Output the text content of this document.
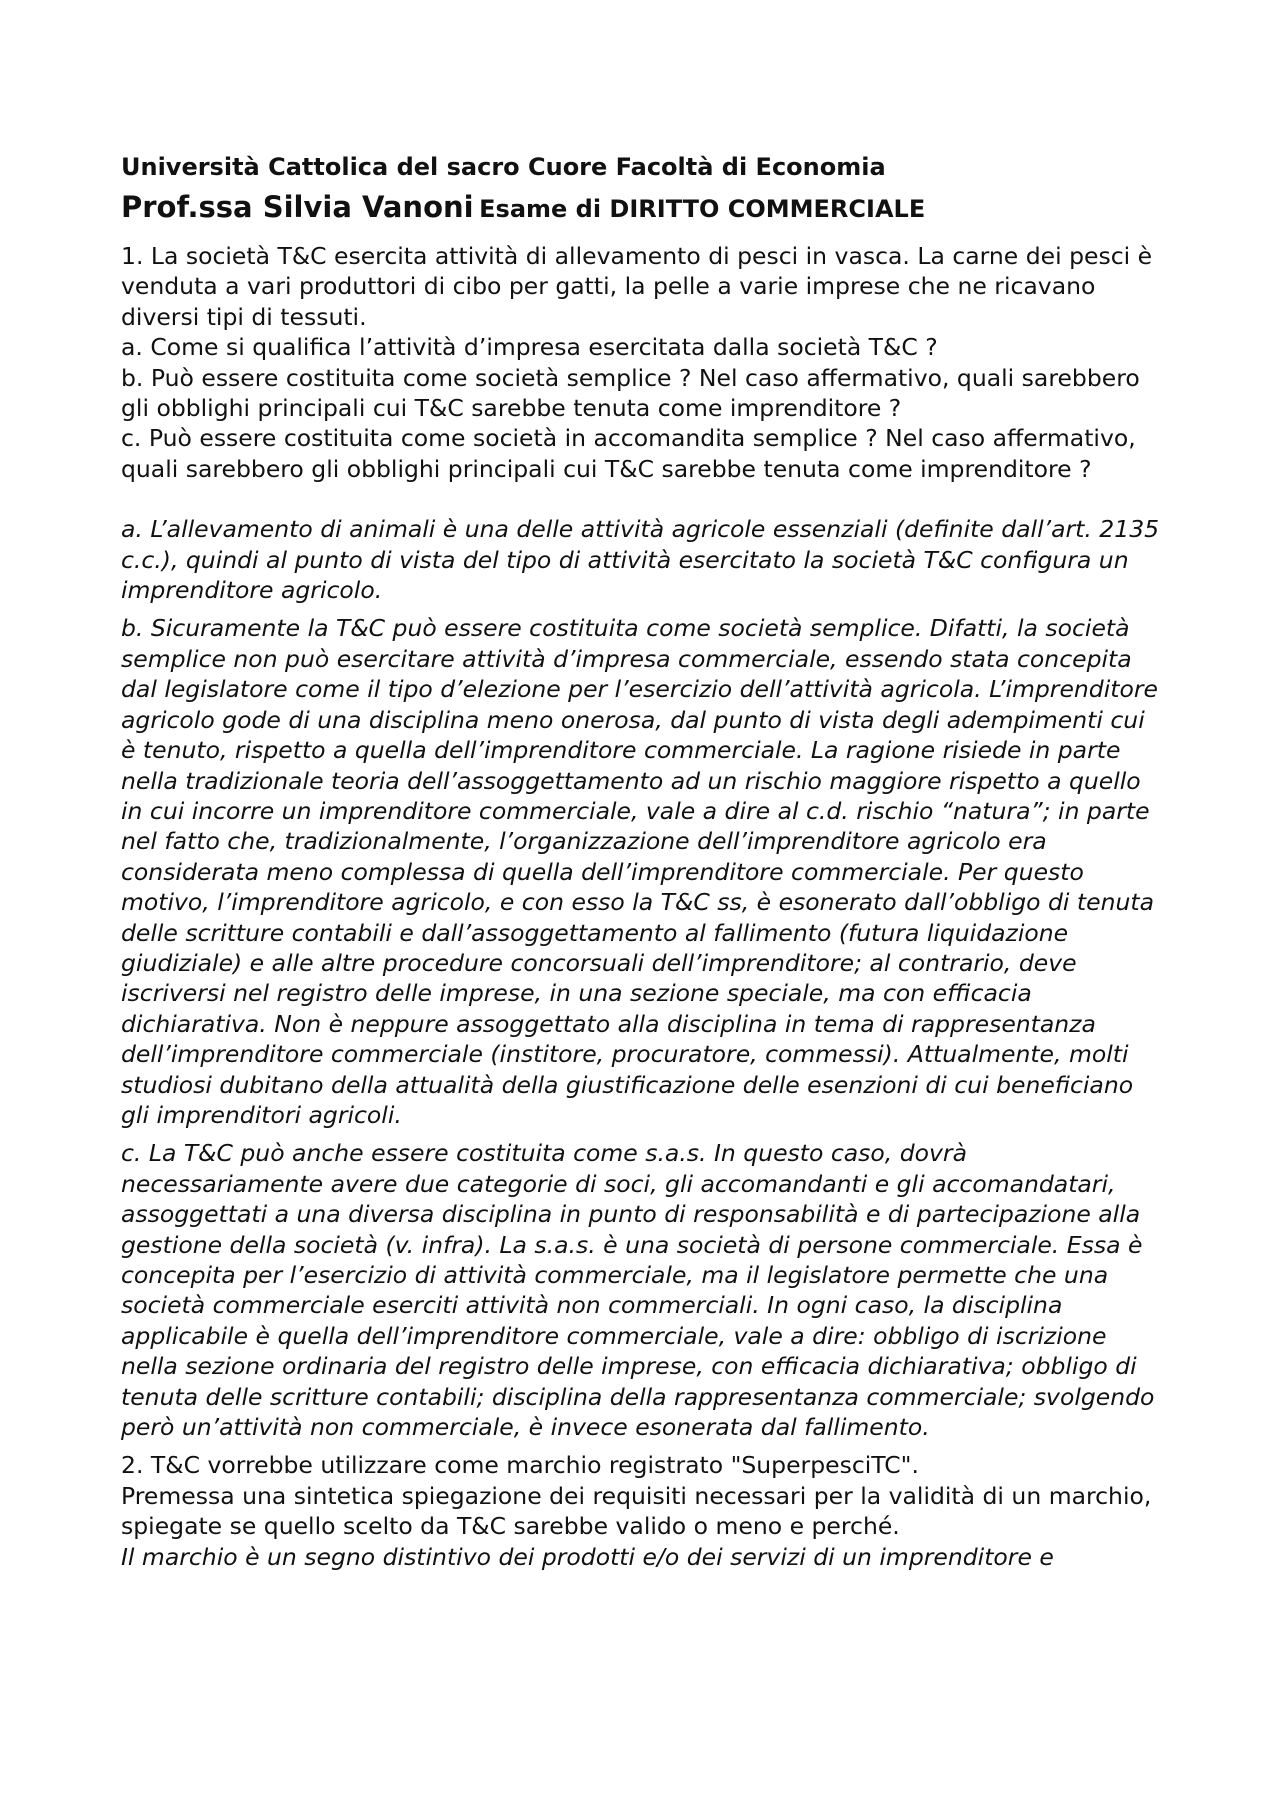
Università Cattolica del sacro Cuore Facoltà di Economia
Prof.ssa Silvia Vanoni Esame di DIRITTO COMMERCIALE

1. La società T&C esercita attività di allevamento di pesci in vasca. La carne dei pesci è venduta a vari produttori di cibo per gatti, la pelle a varie imprese che ne ricavano diversi tipi di tessuti.

a. Come si qualifica l’attività d’impresa esercitata dalla società T&C ?

b. Può essere costituita come società semplice ? Nel caso affermativo, quali sarebbero gli obblighi principali cui T&C sarebbe tenuta come imprenditore ?

c. Può essere costituita come società in accomandita semplice ? Nel caso affermativo, quali sarebbero gli obblighi principali cui T&C sarebbe tenuta come imprenditore ?

a. L’allevamento di animali è una delle attività agricole essenziali (definite dall’art. 2135 c.c.), quindi al punto di vista del tipo di attività esercitato la società T&C configura un imprenditore agricolo.

b. Sicuramente la T&C può essere costituita come società semplice. Difatti, la società semplice non può esercitare attività d’impresa commerciale, essendo stata concepita dal legislatore come il tipo d’elezione per l’esercizio dell’attività agricola. L’imprenditore agricolo gode di una disciplina meno onerosa, dal punto di vista degli adempimenti cui è tenuto, rispetto a quella dell’imprenditore commerciale. La ragione risiede in parte nella tradizionale teoria dell’assoggettamento ad un rischio maggiore rispetto a quello in cui incorre un imprenditore commerciale, vale a dire al c.d. rischio “natura”; in parte nel fatto che, tradizionalmente, l’organizzazione dell’imprenditore agricolo era considerata meno complessa di quella dell’imprenditore commerciale. Per questo motivo, l’imprenditore agricolo, e con esso la T&C ss, è esonerato dall’obbligo di tenuta delle scritture contabili e dall’assoggettamento al fallimento (futura liquidazione giudiziale) e alle altre procedure concorsuali dell’imprenditore; al contrario, deve iscriversi nel registro delle imprese, in una sezione speciale, ma con efficacia dichiarativa. Non è neppure assoggettato alla disciplina in tema di rappresentanza dell’imprenditore commerciale (institore, procuratore, commessi). Attualmente, molti studiosi dubitano della attualità della giustificazione delle esenzioni di cui beneficiano gli imprenditori agricoli.

c. La T&C può anche essere costituita come s.a.s. In questo caso, dovrà necessariamente avere due categorie di soci, gli accomandanti e gli accomandatari, assoggettati a una diversa disciplina in punto di responsabilità e di partecipazione alla gestione della società (v. infra). La s.a.s. è una società di persone commerciale. Essa è concepita per l’esercizio di attività commerciale, ma il legislatore permette che una società commerciale eserciti attività non commerciali. In ogni caso, la disciplina applicabile è quella dell’imprenditore commerciale, vale a dire: obbligo di iscrizione nella sezione ordinaria del registro delle imprese, con efficacia dichiarativa; obbligo di tenuta delle scritture contabili; disciplina della rappresentanza commerciale; svolgendo però un’attività non commerciale, è invece esonerata dal fallimento.

2. T&C vorrebbe utilizzare come marchio registrato "SuperpesciTC".

Premessa una sintetica spiegazione dei requisiti necessari per la validità di un marchio, spiegate se quello scelto da T&C sarebbe valido o meno e perché.

Il marchio è un segno distintivo dei prodotti e/o dei servizi di un imprenditore e
